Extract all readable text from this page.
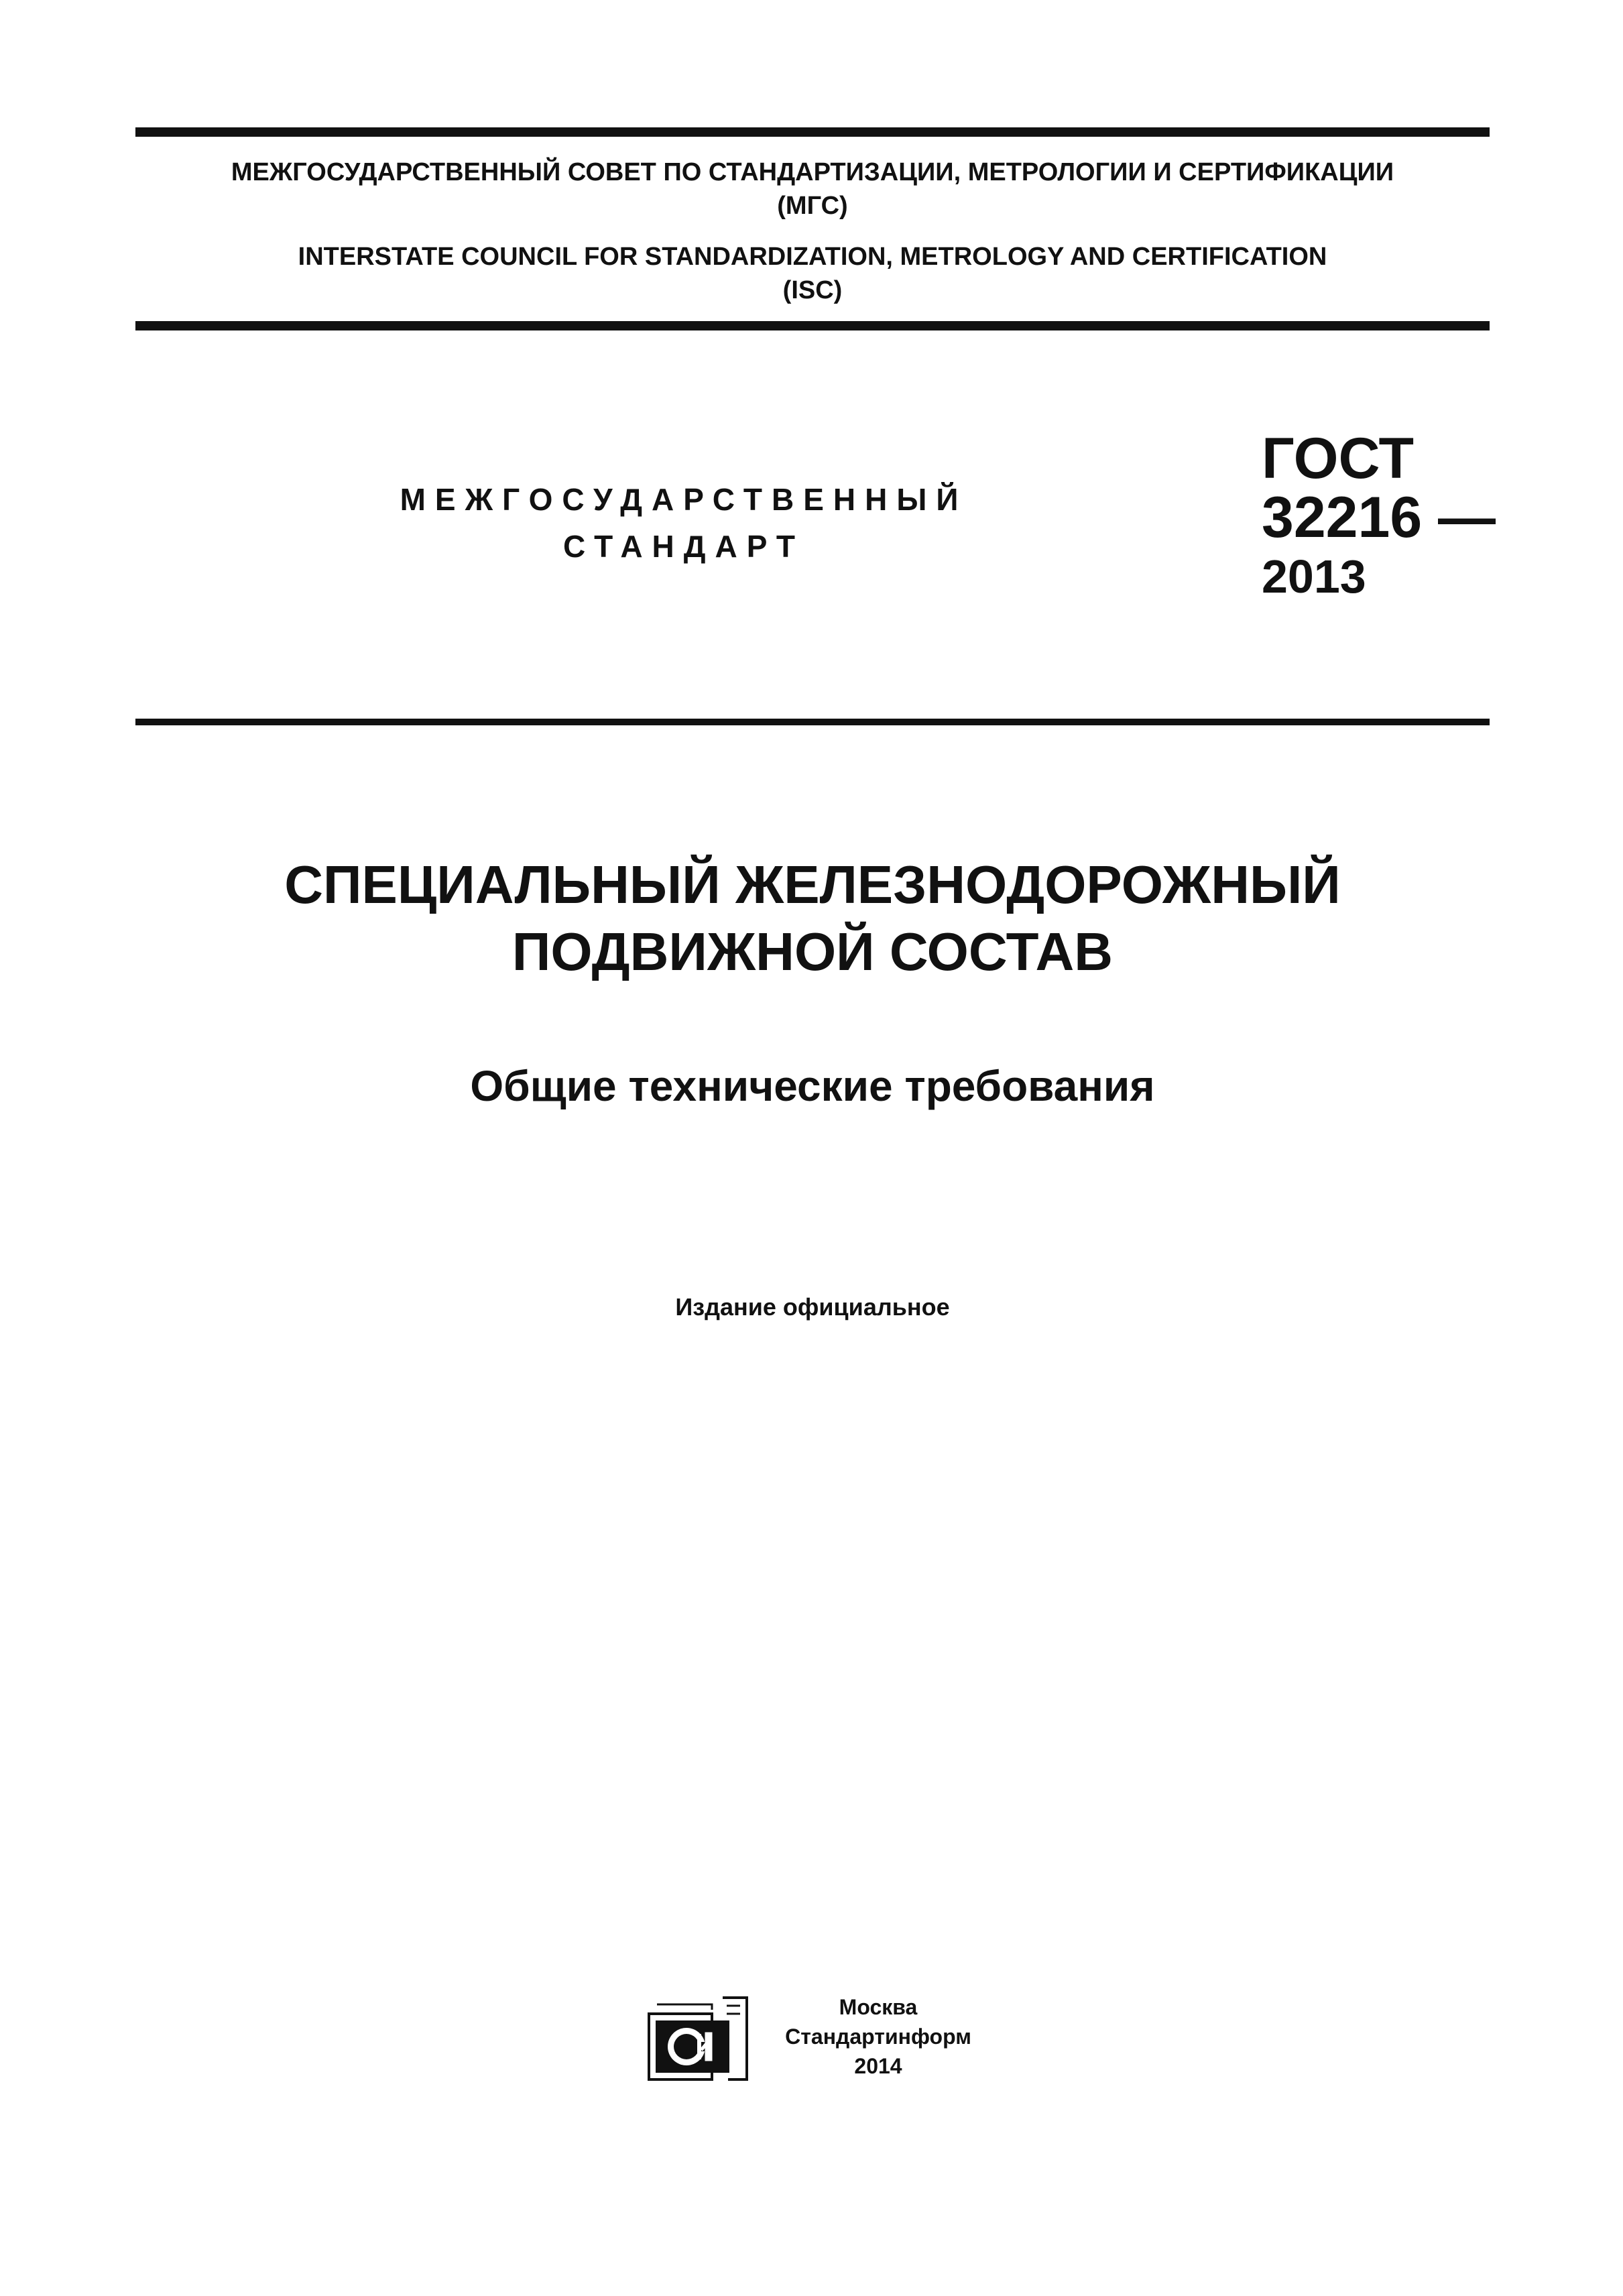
МЕЖГОСУДАРСТВЕННЫЙ СОВЕТ ПО СТАНДАРТИЗАЦИИ, МЕТРОЛОГИИ И СЕРТИФИКАЦИИ
(МГС)
INTERSTATE COUNCIL FOR STANDARDIZATION, METROLOGY AND CERTIFICATION
(ISC)
МЕЖГОСУДАРСТВЕННЫЙ
СТАНДАРТ
ГОСТ
32216 —
2013
СПЕЦИАЛЬНЫЙ ЖЕЛЕЗНОДОРОЖНЫЙ
ПОДВИЖНОЙ СОСТАВ
Общие технические требования
Издание официальное
Москва
Стандартинформ
2014
